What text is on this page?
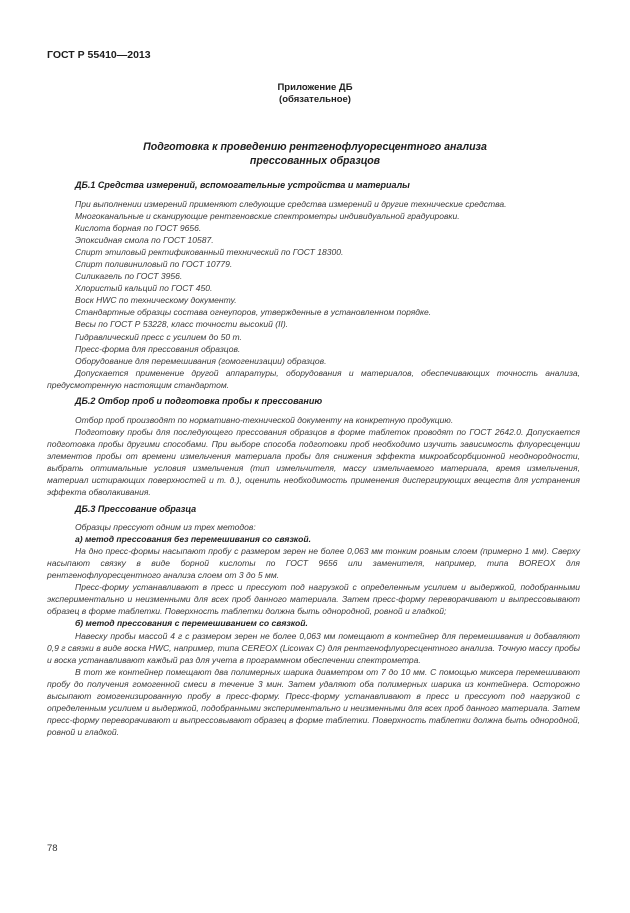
ГОСТ Р 55410—2013
Приложение ДБ
(обязательное)
Подготовка к проведению рентгенофлуоресцентного анализа
прессованных образцов
ДБ.1 Средства измерений, вспомогательные устройства и материалы

При выполнении измерений применяют следующие средства измерений и другие технические средства.

Многоканальные и сканирующие рентгеновские спектрометры индивидуальной градуировки.

Кислота борная по ГОСТ 9656.

Эпоксидная смола по ГОСТ 10587.

Спирт этиловый ректификованный технический по ГОСТ 18300.

Спирт поливиниловый по ГОСТ 10779.

Силикагель по ГОСТ 3956.

Хлористый кальций по ГОСТ 450.

Воск HWC по техническому документу.

Стандартные образцы состава огнеупоров, утвержденные в установленном порядке.

Весы по ГОСТ Р 53228, класс точности высокий (II).

Гидравлический пресс с усилием до 50 т.

Пресс-форма для прессования образцов.

Оборудование для перемешивания (гомогенизации) образцов.

Допускается применение другой аппаратуры, оборудования и материалов, обеспечивающих точность анализа, предусмотренную настоящим стандартом.

ДБ.2 Отбор проб и подготовка пробы к прессованию

Отбор проб производят по нормативно-технической документу на конкретную продукцию.

Подготовку пробы для последующего прессования образцов в форме таблеток проводят по ГОСТ 2642.0. Допускается подготовка пробы другими способами. При выборе способа подготовки проб необходимо изучить зависимость флуоресценции элементов пробы от времени измельчения материала пробы для снижения эффекта микроабсорбционной неоднородности, выбрать оптимальные условия измельчения (тип измельчителя, массу измельчаемого материала, время измельчения, материал истирающих поверхностей и т. д.), оценить необходимость применения диспергирующих веществ для устранения эффекта обволакивания.

ДБ.3 Прессование образца

Образцы прессуют одним из трех методов:

а) метод прессования без перемешивания со связкой.

На дно пресс-формы насыпают пробу с размером зерен не более 0,063 мм тонким ровным слоем (примерно 1 мм). Сверху насыпают связку в виде борной кислоты по ГОСТ 9656 или заменителя, например, типа BOREOX для рентгенофлуоресцентного анализа слоем от 3 до 5 мм.

Пресс-форму устанавливают в пресс и прессуют под нагрузкой с определенным усилием и выдержкой, подобранными экспериментально и неизменными для всех проб данного материала. Затем пресс-форму переворачивают и выпрессовывают образец в форме таблетки. Поверхность таблетки должна быть однородной, ровной и гладкой;

б) метод прессования с перемешиванием со связкой.

Навеску пробы массой 4 г с размером зерен не более 0,063 мм помещают в контейнер для перемешивания и добавляют 0,9 г связки в виде воска HWC, например, типа CEREOX (Licowax C) для рентгенофлуоресцентного анализа. Точную массу пробы и воска устанавливают каждый раз для учета в программном обеспечении спектрометра.

В тот же контейнер помещают два полимерных шарика диаметром от 7 до 10 мм. С помощью миксера перемешивают пробу до получения гомогенной смеси в течение 3 мин. Затем удаляют оба полимерных шарика из контейнера. Осторожно высыпают гомогенизированную пробу в пресс-форму. Пресс-форму устанавливают в пресс и прессуют под нагрузкой с определенным усилием и выдержкой, подобранными экспериментально и неизменными для всех проб данного материала. Затем пресс-форму переворачивают и выпрессовывают образец в форме таблетки. Поверхность таблетки должна быть однородной, ровной и гладкой.

78
